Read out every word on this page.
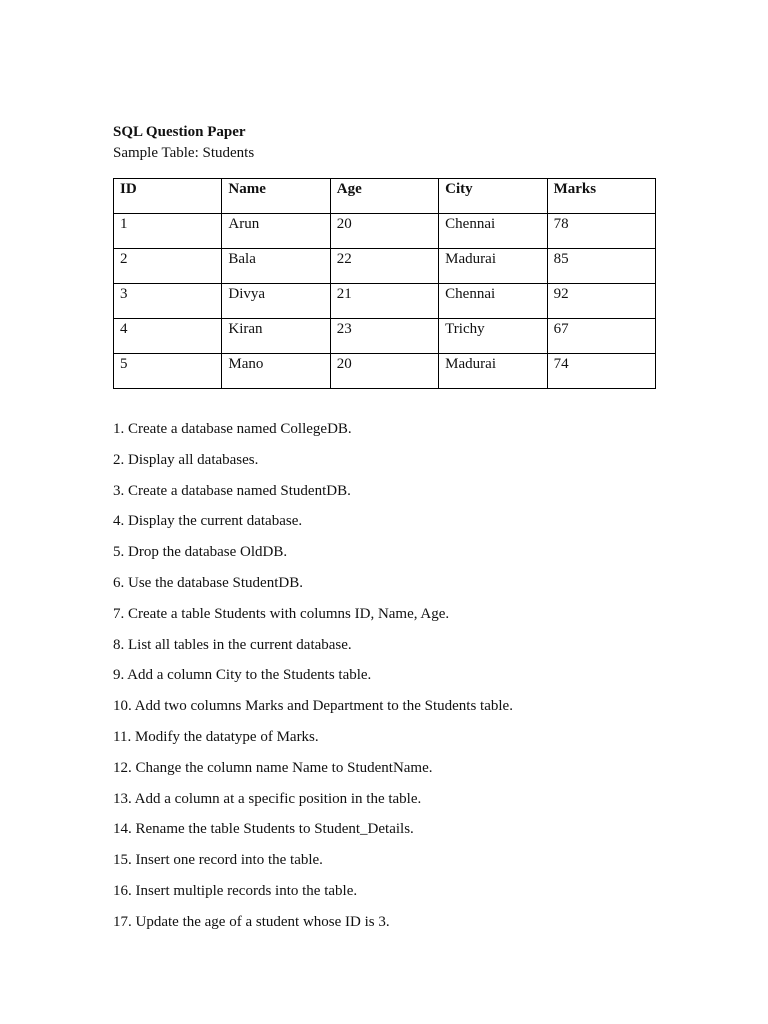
SQL Question Paper

Sample Table: Students

ID	Name	Age	City	Marks
1	Arun	20	Chennai	78
2	Bala	22	Madurai	85
3	Divya	21	Chennai	92
4	Kiran	23	Trichy	67
5	Mano	20	Madurai	74
1. Create a database named CollegeDB.
2. Display all databases.
3. Create a database named StudentDB.
4. Display the current database.
5. Drop the database OldDB.
6. Use the database StudentDB.
7. Create a table Students with columns ID, Name, Age.
8. List all tables in the current database.
9. Add a column City to the Students table.
10. Add two columns Marks and Department to the Students table.
11. Modify the datatype of Marks.
12. Change the column name Name to StudentName.
13. Add a column at a specific position in the table.
14. Rename the table Students to Student_Details.
15. Insert one record into the table.
16. Insert multiple records into the table.
17. Update the age of a student whose ID is 3.
